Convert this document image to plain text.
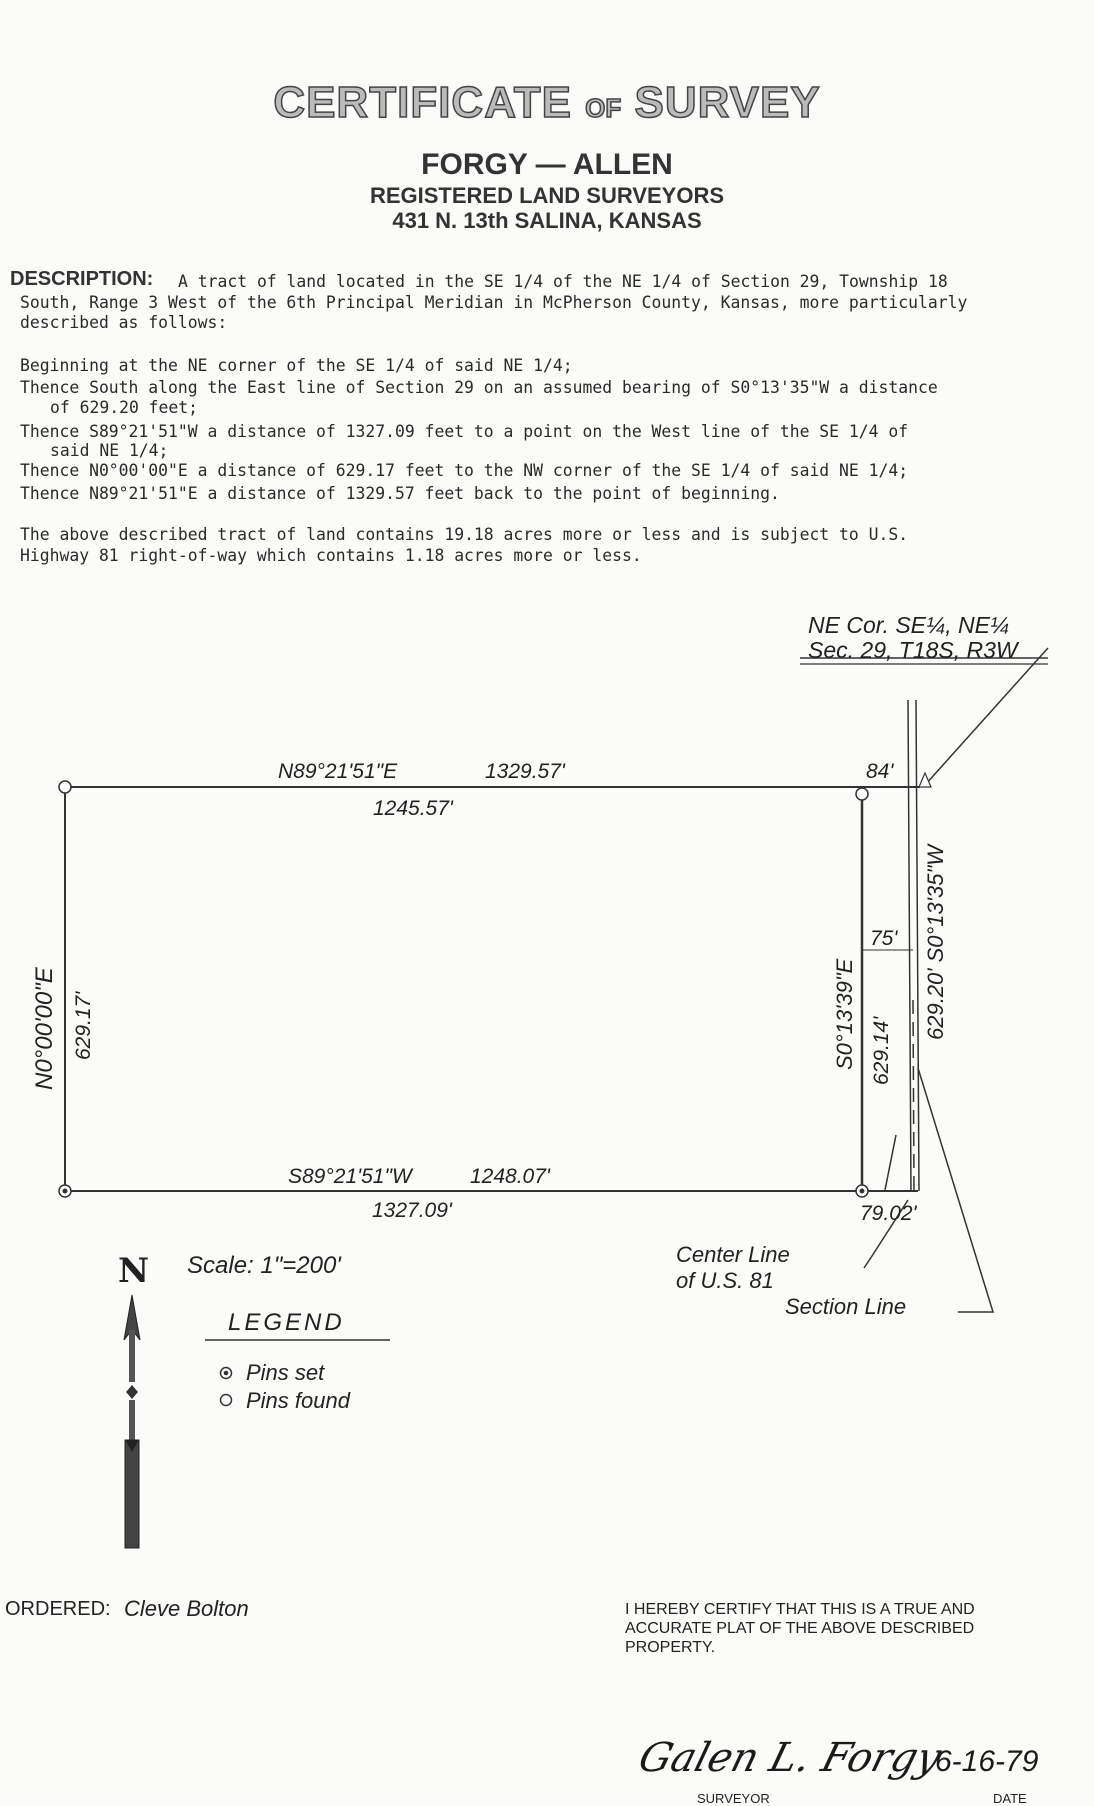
CERTIFICATE OF SURVEY
FORGY — ALLEN
REGISTERED LAND SURVEYORS
431 N. 13th SALINA, KANSAS
DESCRIPTION: A tract of land located in the SE 1/4 of the NE 1/4 of Section 29, Township 18
South, Range 3 West of the 6th Principal Meridian in McPherson County, Kansas, more particularly
described as follows:
Beginning at the NE corner of the SE 1/4 of said NE 1/4;
Thence South along the East line of Section 29 on an assumed bearing of S0°13'35"W a distance
of 629.20 feet;
Thence S89°21'51"W a distance of 1327.09 feet to a point on the West line of the SE 1/4 of
said NE 1/4;
Thence N0°00'00"E a distance of 629.17 feet to the NW corner of the SE 1/4 of said NE 1/4;
Thence N89°21'51"E a distance of 1329.57 feet back to the point of beginning.
The above described tract of land contains 19.18 acres more or less and is subject to U.S.
Highway 81 right-of-way which contains 1.18 acres more or less.
NE Cor. SE¼, NE¼
Sec. 29, T18S, R3W
N89°21'51"E	1329.57'
1245.57'
84'
75'
S89°21'51"W	1248.07'
1327.09'	79.02'
Center Line
of U.S. 81
Section Line
Scale: 1"=200'
LEGEND
Pins set
Pins found
N0°00'00"E 629.17'	S0°13'39"E 629.14'
629.20' S0°13'35"W
N
ORDERED: Cleve Bolton	I HEREBY CERTIFY THAT THIS IS A TRUE AND ACCURATE PLAT OF THE ABOVE DESCRIBED PROPERTY.
Galen L. Forgy
6-16-79
SURVEYOR	DATE
